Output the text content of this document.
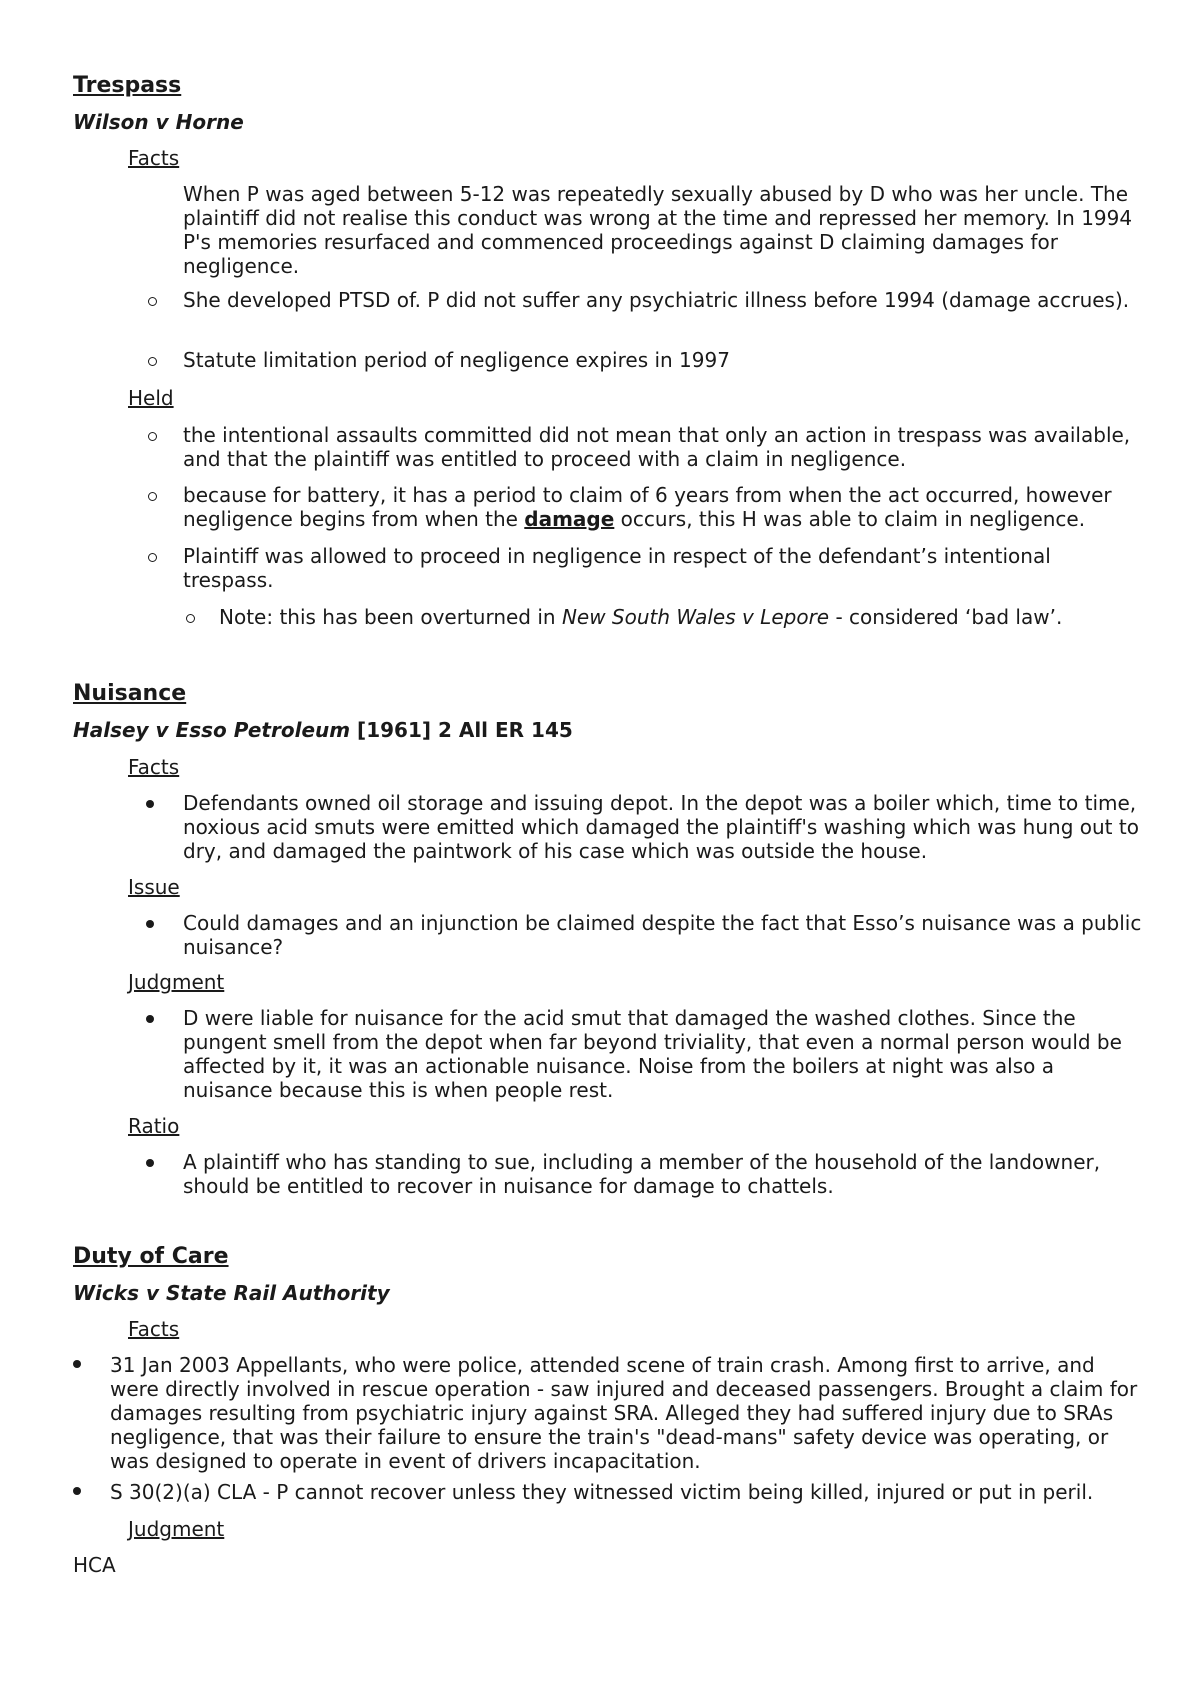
Trespass
Wilson v Horne
Facts
When P was aged between 5-12 was repeatedly sexually abused by D who was her uncle. The plaintiff did not realise this conduct was wrong at the time and repressed her memory. In 1994 P's memories resurfaced and commenced proceedings against D claiming damages for negligence.
She developed PTSD of. P did not suffer any psychiatric illness before 1994 (damage accrues).
Statute limitation period of negligence expires in 1997
Held
the intentional assaults committed did not mean that only an action in trespass was available, and that the plaintiff was entitled to proceed with a claim in negligence.
because for battery, it has a period to claim of 6 years from when the act occurred, however negligence begins from when the damage occurs, this H was able to claim in negligence.
Plaintiff was allowed to proceed in negligence in respect of the defendant’s intentional trespass.
Note: this has been overturned in New South Wales v Lepore - considered ‘bad law’.
Nuisance
Halsey v Esso Petroleum [1961] 2 All ER 145
Facts
Defendants owned oil storage and issuing depot. In the depot was a boiler which, time to time, noxious acid smuts were emitted which damaged the plaintiff's washing which was hung out to dry, and damaged the paintwork of his case which was outside the house.
Issue
Could damages and an injunction be claimed despite the fact that Esso’s nuisance was a public nuisance?
Judgment
D were liable for nuisance for the acid smut that damaged the washed clothes. Since the pungent smell from the depot when far beyond triviality, that even a normal person would be affected by it, it was an actionable nuisance. Noise from the boilers at night was also a nuisance because this is when people rest.
Ratio
A plaintiff who has standing to sue, including a member of the household of the landowner, should be entitled to recover in nuisance for damage to chattels.
Duty of Care
Wicks v State Rail Authority
Facts
31 Jan 2003 Appellants, who were police, attended scene of train crash. Among first to arrive, and were directly involved in rescue operation - saw injured and deceased passengers. Brought a claim for damages resulting from psychiatric injury against SRA. Alleged they had suffered injury due to SRAs negligence, that was their failure to ensure the train's "dead-mans" safety device was operating, or was designed to operate in event of drivers incapacitation.
S 30(2)(a) CLA - P cannot recover unless they witnessed victim being killed, injured or put in peril.
Judgment
HCA
